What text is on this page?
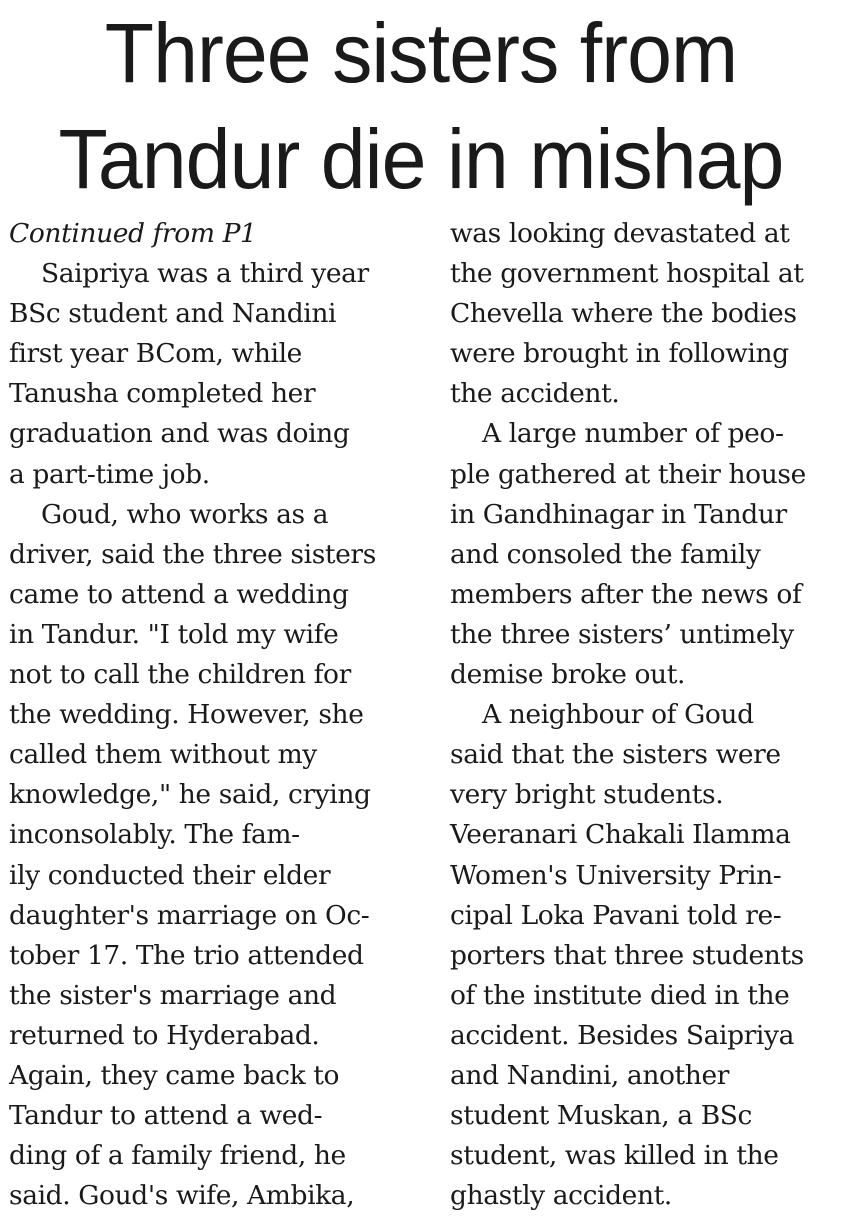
Three sisters from
Tandur die in mishap
Continued from P1
Saipriya was a third year
BSc student and Nandini
first year BCom, while
Tanusha completed her
graduation and was doing
a part-time job.
Goud, who works as a
driver, said the three sisters
came to attend a wedding
in Tandur. "I told my wife
not to call the children for
the wedding. However, she
called them without my
knowledge," he said, crying
inconsolably. The fam-
ily conducted their elder
daughter's marriage on Oc-
tober 17. The trio attended
the sister's marriage and
returned to Hyderabad.
Again, they came back to
Tandur to attend a wed-
ding of a family friend, he
said. Goud's wife, Ambika,
was looking devastated at
the government hospital at
Chevella where the bodies
were brought in following
the accident.
A large number of peo-
ple gathered at their house
in Gandhinagar in Tandur
and consoled the family
members after the news of
the three sisters’ untimely
demise broke out.
A neighbour of Goud
said that the sisters were
very bright students.
Veeranari Chakali Ilamma
Women's University Prin-
cipal Loka Pavani told re-
porters that three students
of the institute died in the
accident. Besides Saipriya
and Nandini, another
student Muskan, a BSc
student, was killed in the
ghastly accident.
